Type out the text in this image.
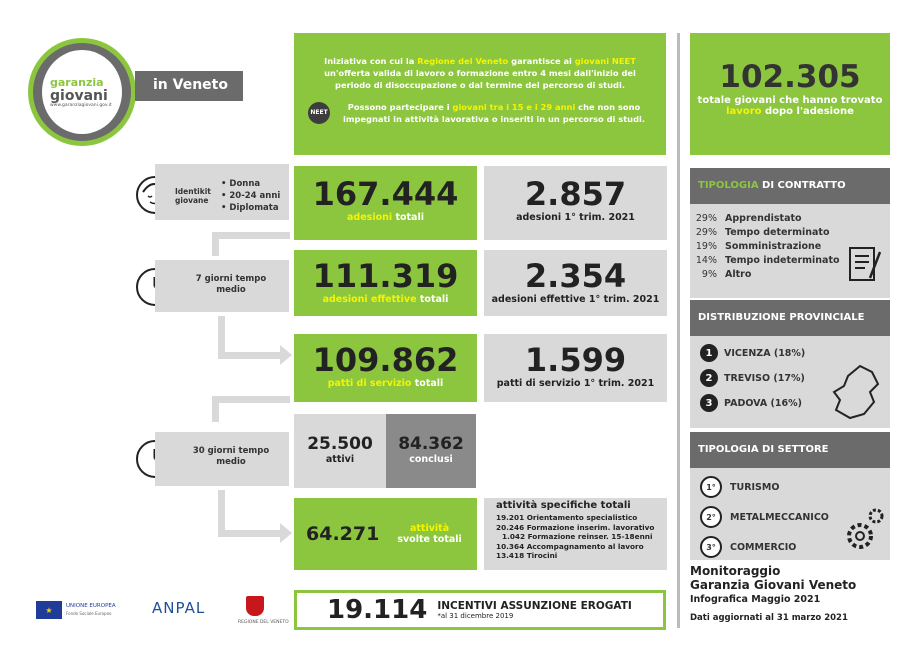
garanzia
giovani
www.garanziagiovani.gov.it
in Veneto
Iniziativa con cui la Regione del Veneto garantisce ai giovani NEET un'offerta valida di lavoro o formazione entro 4 mesi dall'inizio del periodo di disoccupazione o dal termine del percorso di studi.
NEET
Possono partecipare i giovani tra i 15 e i 29 anni che non sono impegnati in attività lavorativa o inseriti in un percorso di studi.
102.305
totale giovani che hanno trovato lavoro dopo l'adesione
TIPOLOGIA DI CONTRATTO
29% Apprendistato
29% Tempo determinato
19% Somministrazione
14% Tempo indeterminato
9% Altro
DISTRIBUZIONE PROVINCIALE
1	VICENZA (18%)
2	TREVISO (17%)
3	PADOVA (16%)
TIPOLOGIA DI SETTORE
1°	TURISMO
2°	METALMECCANICO
3°	COMMERCIO
Monitoraggio
Garanzia Giovani Veneto
Infografica Maggio 2021
Dati aggiornati al 31 marzo 2021
Identikit giovane
• Donna
• 20-24 anni
• Diplomata
7 giorni tempo medio
30 giorni tempo medio
167.444
adesioni totali
2.857
adesioni 1° trim. 2021
111.319
adesioni effettive totali
2.354
adesioni effettive 1° trim. 2021
109.862
patti di servizio totali
1.599
patti di servizio 1° trim. 2021
25.500
attivi
84.362
conclusi
64.271	attività
svolte totali
attività specifiche totali
19.201 Orientamento specialistico
20.246 Formazione inserim. lavorativo
1.042 Formazione reinser. 15-18enni
10.364 Accompagnamento al lavoro
13.418 Tirocini
19.114 INCENTIVI ASSUNZIONE EROGATI
*al 31 dicembre 2019
★	UNIONE EUROPEA
Fondo Sociale Europeo	ANPAL
REGIONE DEL VENETO
